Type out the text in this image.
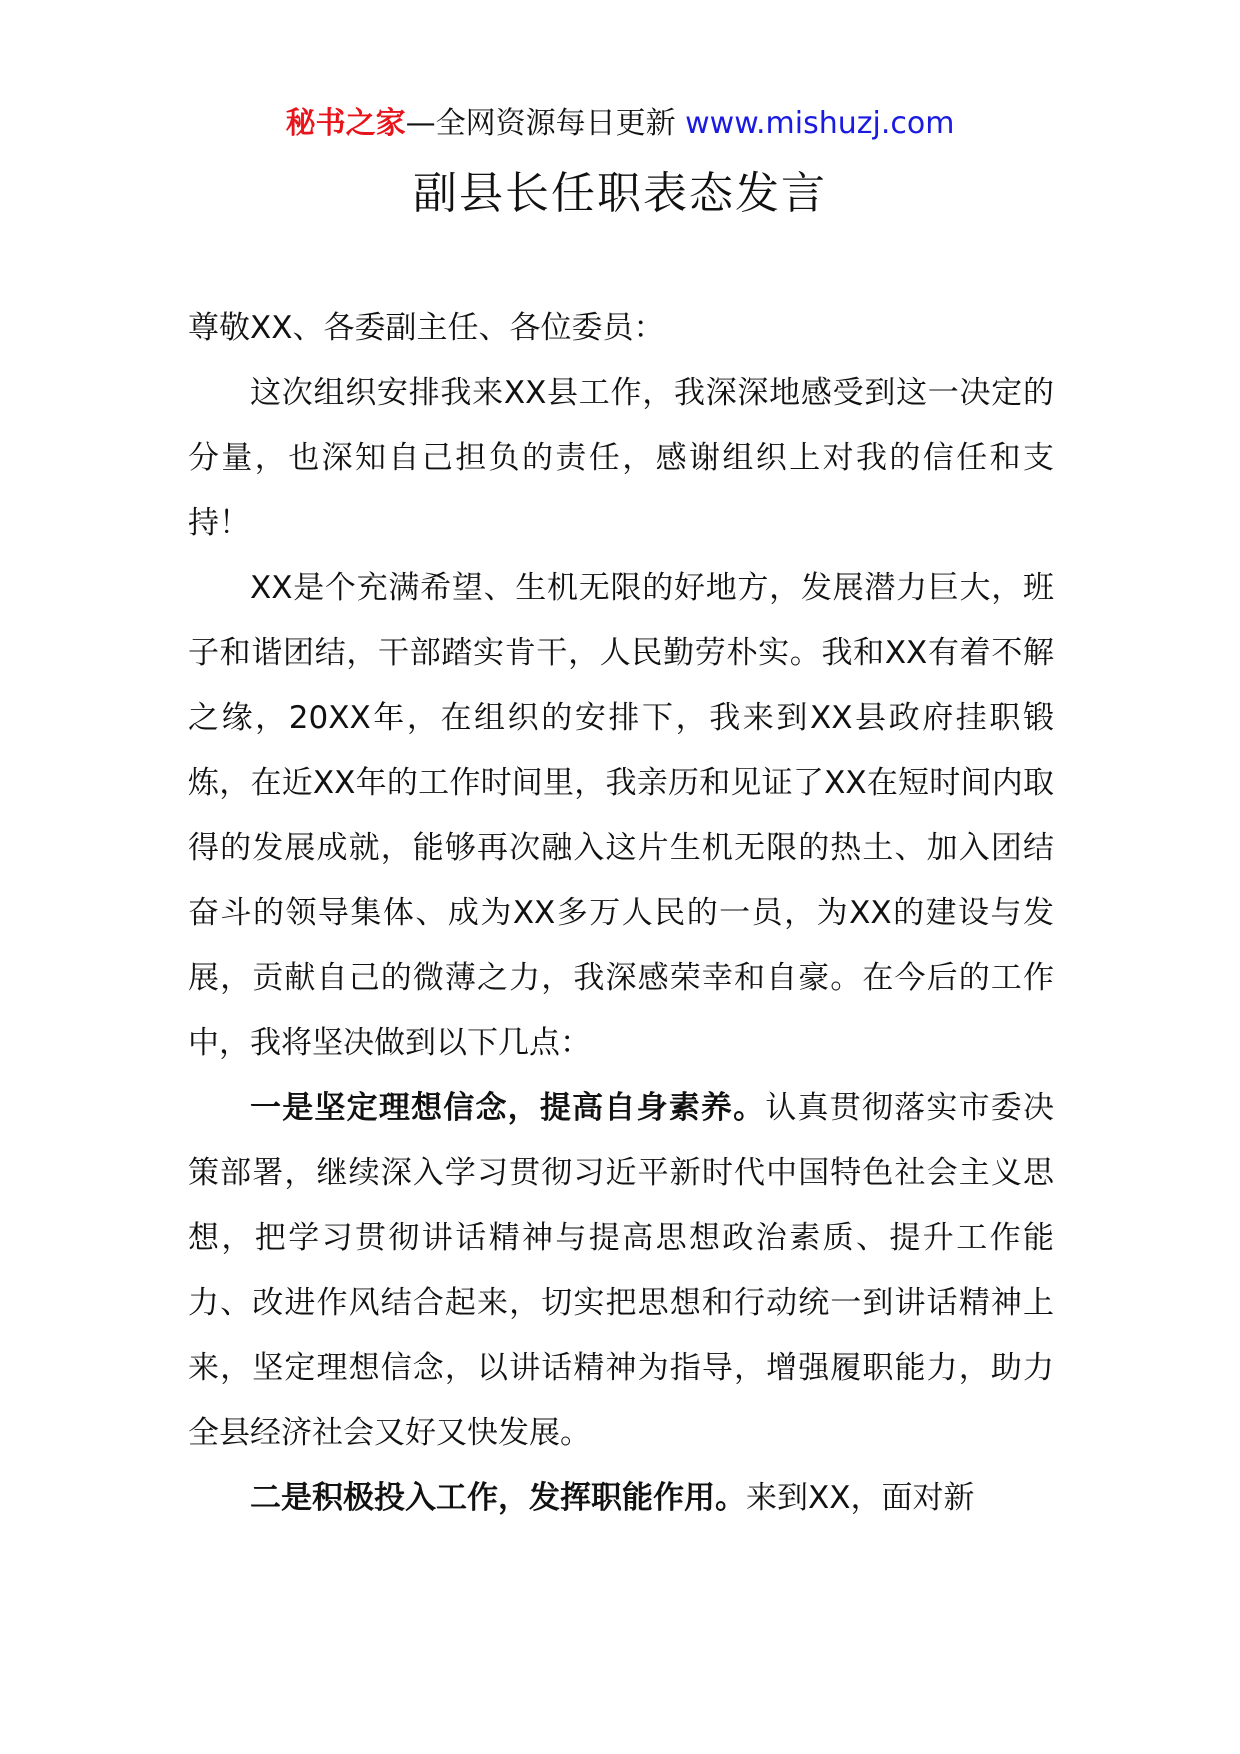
秘书之家—全网资源每日更新 www.mishuzj.com
副县长任职表态发言

尊敬XX、各委副主任、各位委员：

这次组织安排我来XX县工作，我深深地感受到这一决定的分量，也深知自己担负的责任，感谢组织上对我的信任和支持！

XX是个充满希望、生机无限的好地方，发展潜力巨大，班子和谐团结，干部踏实肯干，人民勤劳朴实。我和XX有着不解之缘，20XX年，在组织的安排下，我来到XX县政府挂职锻炼，在近XX年的工作时间里，我亲历和见证了XX在短时间内取得的发展成就，能够再次融入这片生机无限的热土、加入团结奋斗的领导集体、成为XX多万人民的一员，为XX的建设与发展，贡献自己的微薄之力，我深感荣幸和自豪。在今后的工作中，我将坚决做到以下几点：

一是坚定理想信念，提高自身素养。认真贯彻落实市委决策部署，继续深入学习贯彻习近平新时代中国特色社会主义思想，把学习贯彻讲话精神与提高思想政治素质、提升工作能力、改进作风结合起来，切实把思想和行动统一到讲话精神上来，坚定理想信念，以讲话精神为指导，增强履职能力，助力全县经济社会又好又快发展。

二是积极投入工作，发挥职能作用。来到XX，面对新
